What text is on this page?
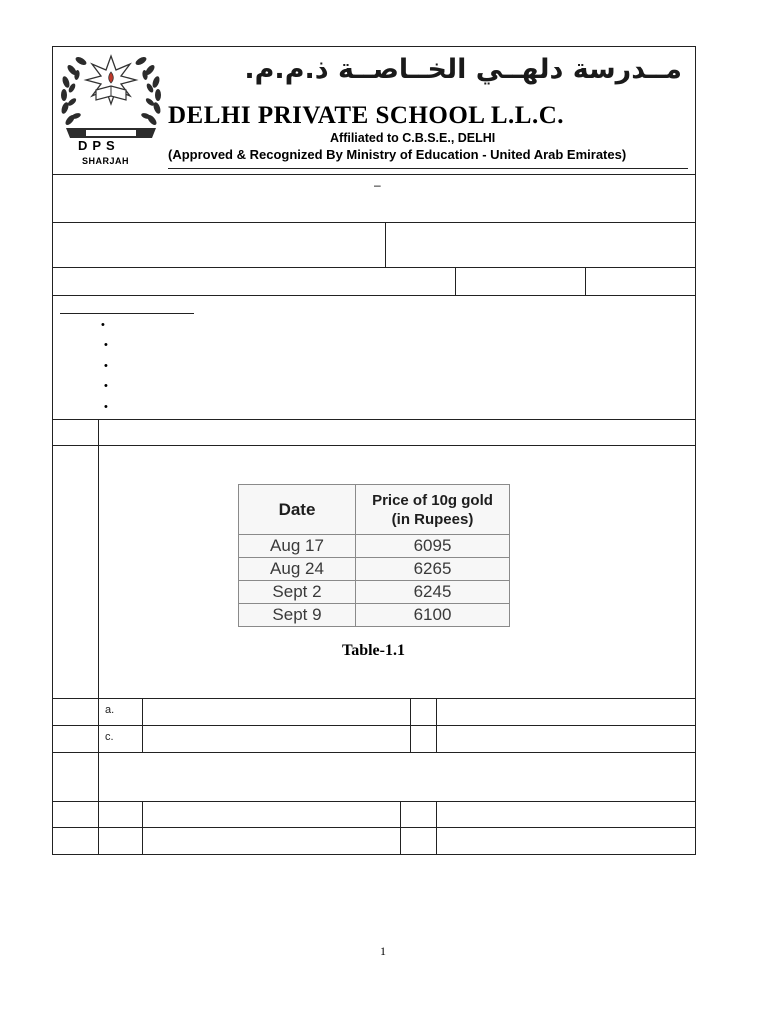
DPS
SHARJAH
مــدرسة دلهــي الخــاصــة ذ.م.م.
DELHI PRIVATE SCHOOL L.L.C.
Affiliated to C.B.S.E., DELHI
(Approved & Recognized By Ministry of Education - United Arab Emirates)
–
•
•
•
•
•
Date	Price of 10g gold
(in Rupees)
Aug 17	6095
Aug 24	6265
Sept 2	6245
Sept 9	6100
Table-1.1
a.
c.
1
